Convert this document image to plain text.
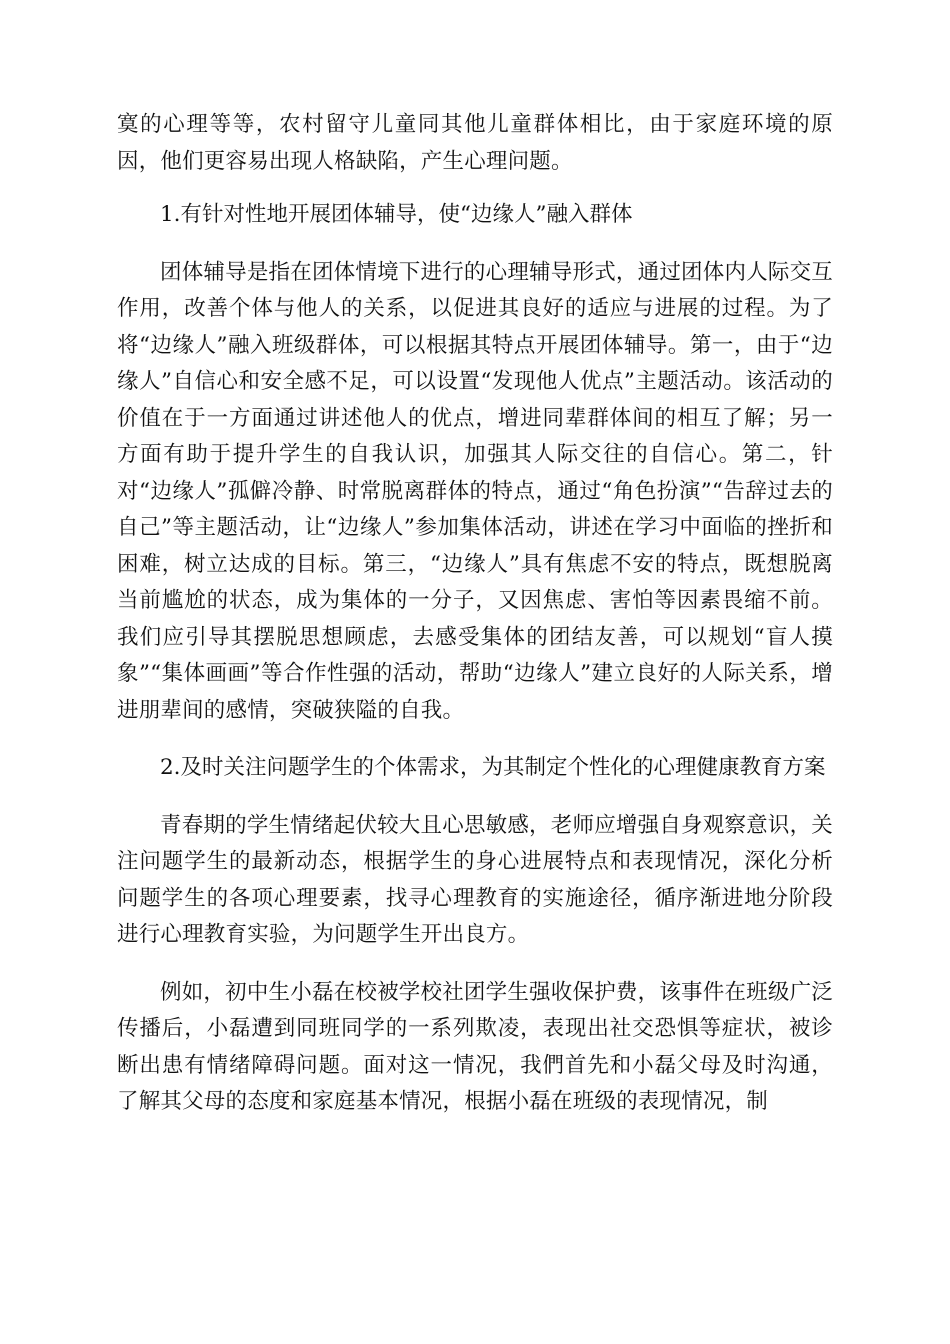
寞的心理等等，农村留守儿童同其他儿童群体相比，由于家庭环境的原因，他们更容易出现人格缺陷，产生心理问题。

1.有针对性地开展团体辅导，使“边缘人”融入群体

团体辅导是指在团体情境下进行的心理辅导形式，通过团体内人际交互作用，改善个体与他人的关系，以促进其良好的适应与进展的过程。为了将“边缘人”融入班级群体，可以根据其特点开展团体辅导。第一，由于“边缘人”自信心和安全感不足，可以设置“发现他人优点”主题活动。该活动的价值在于一方面通过讲述他人的优点，增进同辈群体间的相互了解；另一方面有助于提升学生的自我认识，加强其人际交往的自信心。第二，针对“边缘人”孤僻冷静、时常脱离群体的特点，通过“角色扮演”“告辞过去的自己”等主题活动，让“边缘人”参加集体活动，讲述在学习中面临的挫折和困难，树立达成的目标。第三，“边缘人”具有焦虑不安的特点，既想脱离当前尴尬的状态，成为集体的一分子，又因焦虑、害怕等因素畏缩不前。我们应引导其摆脱思想顾虑，去感受集体的团结友善，可以规划“盲人摸象”“集体画画”等合作性强的活动，帮助“边缘人”建立良好的人际关系，增进朋辈间的感情，突破狭隘的自我。

2.及时关注问题学生的个体需求，为其制定个性化的心理健康教育方案

青春期的学生情绪起伏较大且心思敏感，老师应增强自身观察意识，关注问题学生的最新动态，根据学生的身心进展特点和表现情况，深化分析问题学生的各项心理要素，找寻心理教育的实施途径，循序渐进地分阶段进行心理教育实验，为问题学生开出良方。

例如，初中生小磊在校被学校社团学生强收保护费，该事件在班级广泛传播后，小磊遭到同班同学的一系列欺凌，表现出社交恐惧等症状，被诊断出患有情绪障碍问题。面对这一情况，我們首先和小磊父母及时沟通，了解其父母的态度和家庭基本情况，根据小磊在班级的表现情况，制
